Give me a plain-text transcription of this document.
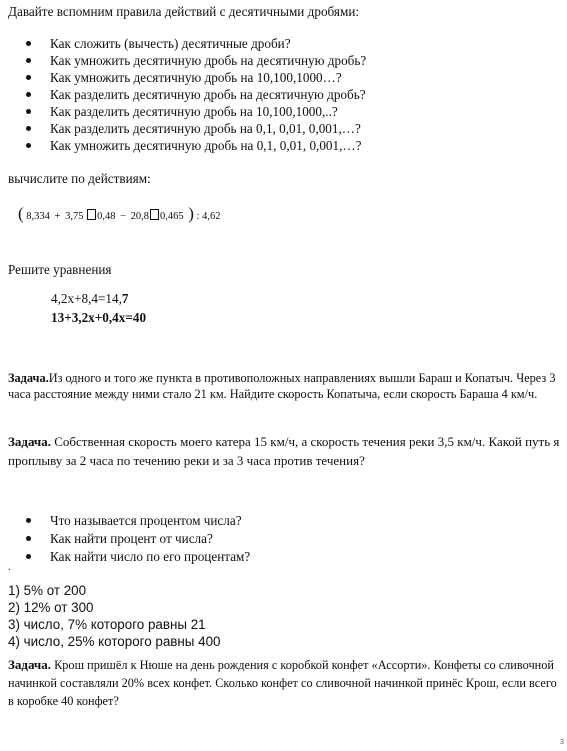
Давайте вспомним правила действий с десятичными дробями:
Как сложить (вычесть) десятичные дроби?
Как умножить десятичную дробь на десятичную дробь?
Как умножить десятичную дробь на 10,100,1000…?
Как разделить десятичную дробь на десятичную дробь?
Как разделить десятичную дробь на 10,100,1000,..?
Как разделить десятичную дробь на 0,1, 0,01, 0,001,…?
Как умножить десятичную дробь на 0,1, 0,01, 0,001,…?
вычислите по действиям:
( 8,334 + 3,75 0,48 − 20,8 0,465 ) : 4,62
Решите уравнения
4,2x+8,4=14,7
13+3,2x+0,4x=40
Задача.Из одного и того же пункта в противоположных направлениях вышли Бараш и Копатыч. Через 3 часа расстояние между ними стало 21 км. Найдите скорость Копатыча, если скорость Бараша 4 км/ч.
Задача. Собственная скорость моего катера 15 км/ч, а скорость течения реки 3,5 км/ч. Какой путь я проплыву за 2 часа по течению реки и за 3 часа против течения?
Что называется процентом числа?
Как найти процент от числа?
Как найти число по его процентам?
.
1) 5% от 200
2) 12% от 300
3) число, 7% которого равны 21
4) число, 25% которого равны 400
Задача. Крош пришёл к Нюше на день рождения с коробкой конфет «Ассорти». Конфеты со сливочной начинкой составляли 20% всех конфет. Сколько конфет со сливочной начинкой принёс Крош, если всего в коробке 40 конфет?
3
